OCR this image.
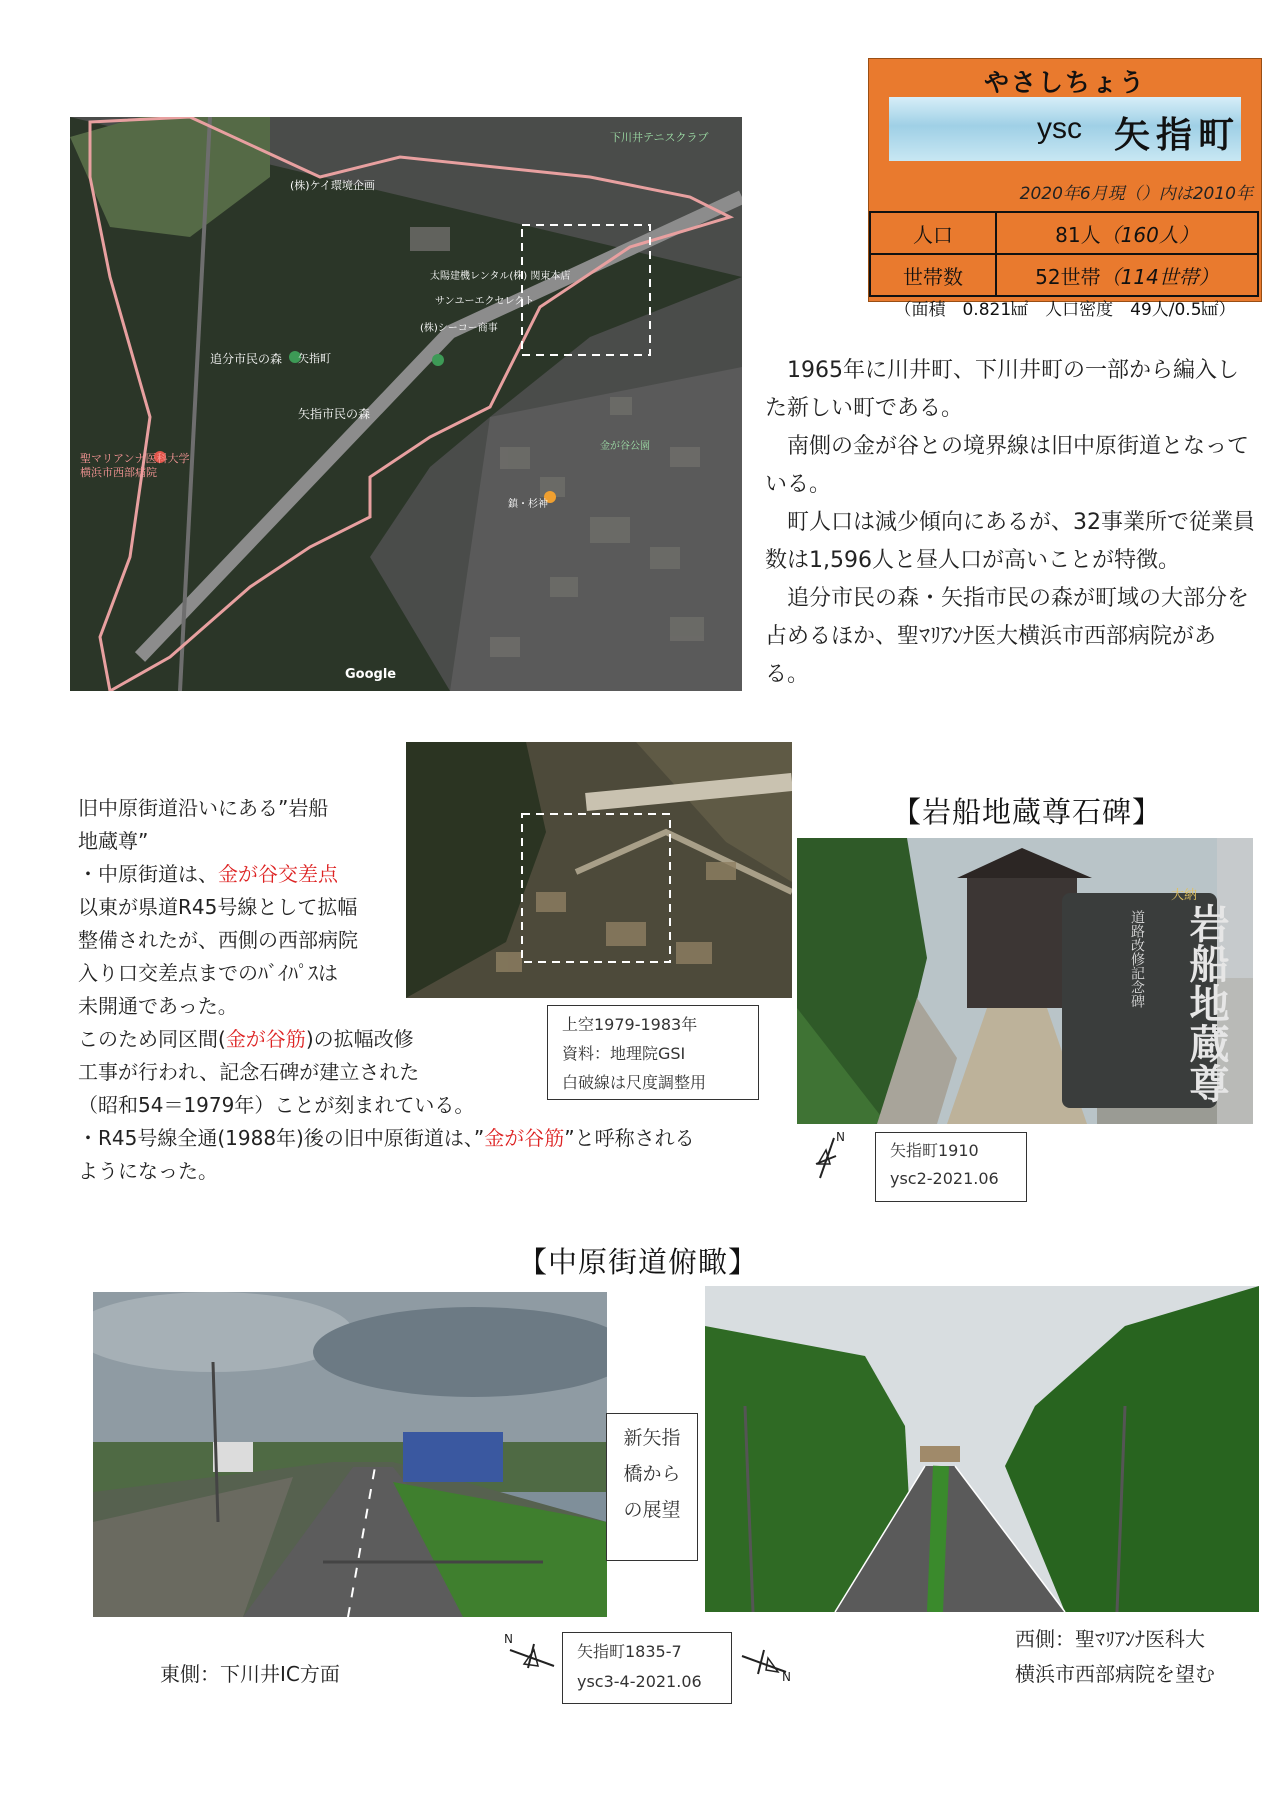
やさしちょう
ysc 矢指町
2020年6月現（）内は2010年
人口	81人（160人）
世帯数	52世帯（114世帯）
（面積　0.821㎢　人口密度　49人/0.5㎢）
追分市民の森
矢指市民の森
矢指町
聖マリアンナ医科大学 横浜市西部病院
(株)ケイ環境企画
太陽建機レンタル(株) 関東本店
サンユーエクセレクト
(株)シーコー商事
鎮・杉神
金が谷公園
下川井テニスクラブ
Google

1965年に川井町、下川井町の一部から編入した新しい町である。

南側の金が谷との境界線は旧中原街道となっている。

町人口は減少傾向にあるが、32事業所で従業員数は1,596人と昼人口が高いことが特徴。

追分市民の森・矢指市民の森が町域の大部分を占めるほか、聖ﾏﾘｱﾝﾅ医大横浜市西部病院がある。

上空1979-1983年
資料：地理院GSI
白破線は尺度調整用
旧中原街道沿いにある”岩船
地蔵尊”
・中原街道は、金が谷交差点
以東が県道R45号線として拡幅
整備されたが、西側の西部病院
入り口交差点までのﾊﾞｲﾊﾟｽは
未開通であった。
このため同区間(金が谷筋)の拡幅改修
工事が行われ、記念石碑が建立された
（昭和54＝1979年）ことが刻まれている。
・R45号線全通(1988年)後の旧中原街道は、”金が谷筋”と呼称される
ようになった。
【岩船地蔵尊石碑】
岩船地蔵尊
道路改修記念碑
大納
N
矢指町1910
ysc2-2021.06
【中原街道俯瞰】
新矢指
橋から
の展望
東側：下川井IC方面
N
矢指町1835-7
ysc3-4-2021.06	N
西側：聖ﾏﾘｱﾝﾅ医科大
横浜市西部病院を望む
